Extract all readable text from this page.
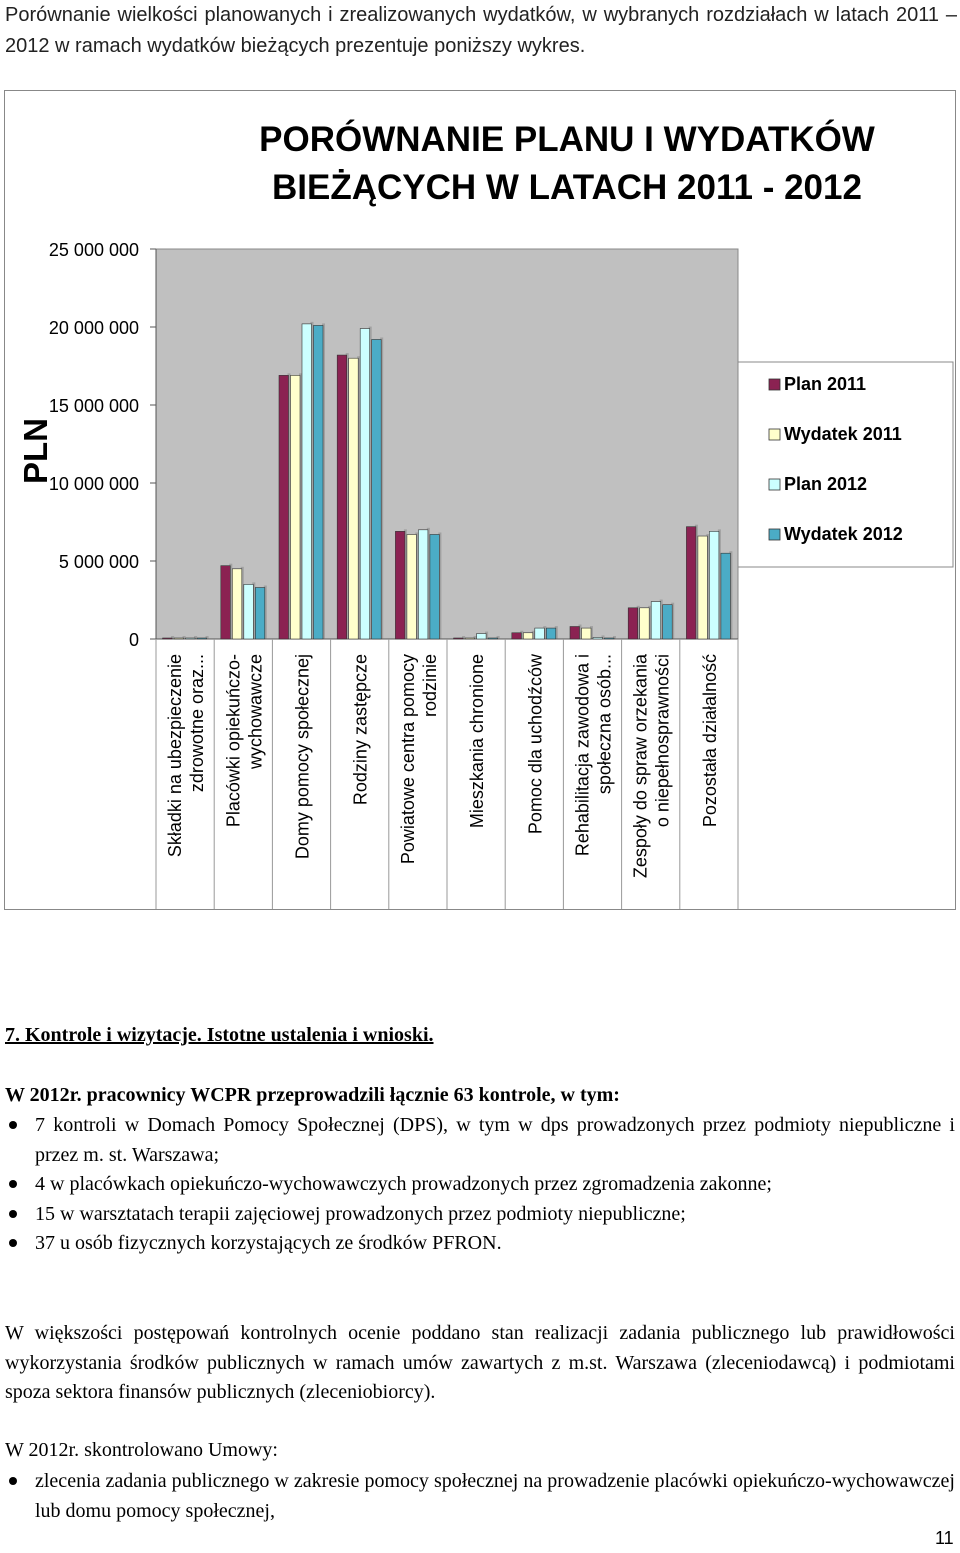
Porównanie wielkości planowanych i zrealizowanych wydatków, w wybranych rozdziałach w latach 2011 – 2012 w ramach wydatków bieżących prezentuje poniższy wykres.
PORÓWNANIE PLANU I WYDATKÓW
BIEŻĄCYCH W LATACH 2011 - 2012
0
5 000 000
10 000 000
15 000 000
20 000 000
25 000 000
PLN
Składki na ubezpieczenie zdrowotne oraz... Placówki opiekuńczo- wychowawcze Domy pomocy społecznej Rodziny zastępcze Powiatowe centra pomocy rodzinie Mieszkania chronione Pomoc dla uchodźców Rehabilitacja zawodowa i społeczna osób... Zespoły do spraw orzekania o niepełnosprawności Pozostała działalność
Plan 2011
Wydatek 2011
Plan 2012
Wydatek 2012
7. Kontrole i wizytacje. Istotne ustalenia i wnioski.
W 2012r. pracownicy WCPR przeprowadzili łącznie 63 kontrole, w tym:
7 kontroli w Domach Pomocy Społecznej (DPS), w tym w dps prowadzonych przez podmioty niepubliczne i przez m. st. Warszawa;
4 w placówkach opiekuńczo-wychowawczych prowadzonych przez zgromadzenia zakonne;
15 w warsztatach terapii zajęciowej prowadzonych przez podmioty niepubliczne;
37 u osób fizycznych korzystających ze środków PFRON.
W większości postępowań kontrolnych ocenie poddano stan realizacji zadania publicznego lub prawidłowości wykorzystania środków publicznych w ramach umów zawartych z m.st. Warszawa (zleceniodawcą) i podmiotami spoza sektora finansów publicznych (zleceniobiorcy).
W 2012r. skontrolowano Umowy:
zlecenia zadania publicznego w zakresie pomocy społecznej na prowadzenie placówki opiekuńczo-wychowawczej lub domu pomocy społecznej,
11
